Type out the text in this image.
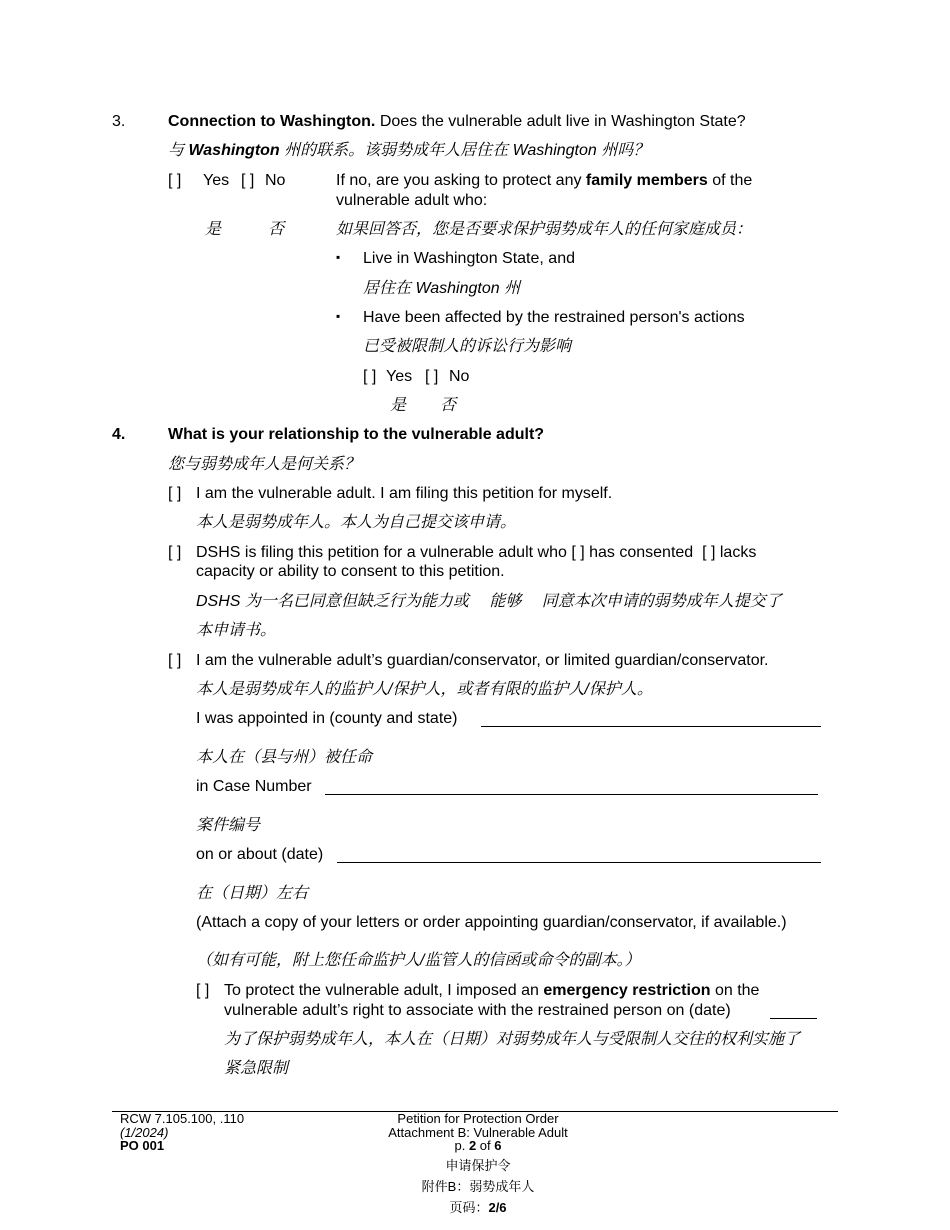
3.	Connection to Washington. Does the vulnerable adult live in Washington State?
与 Washington 州的联系。该弱势成年人居住在 Washington 州吗？
[ ] Yes [ ] No
是	否
If no, are you asking to protect any family members of the
vulnerable adult who:
如果回答否，您是否要求保护弱势成年人的任何家庭成员：
▪ Live in Washington State, and
居住在 Washington 州
▪ Have been affected by the restrained person's actions
已受被限制人的诉讼行为影响
[ ] Yes [ ] No
是 否
4.	What is your relationship to the vulnerable adult?
您与弱势成年人是何关系？
[ ] I am the vulnerable adult. I am filing this petition for myself.
本人是弱势成年人。本人为自己提交该申请。
[ ] DSHS is filing this petition for a vulnerable adult who [ ] has consented [ ] lacks
capacity or ability to consent to this petition.
DSHS 为一名已同意但缺乏行为能力或　 能够　 同意本次申请的弱势成年人提交了
本申请书。
[ ] I am the vulnerable adult’s guardian/conservator, or limited guardian/conservator.
本人是弱势成年人的监护人/保护人，或者有限的监护人/保护人。
I was appointed in (county and state)
本人在（县与州）被任命
in Case Number
案件编号
on or about (date)
在（日期）左右
(Attach a copy of your letters or order appointing guardian/conservator, if available.)
（如有可能，附上您任命监护人/监管人的信函或命令的副本。）
[ ] To protect the vulnerable adult, I imposed an emergency restriction on the
vulnerable adult’s right to associate with the restrained person on (date)
为了保护弱势成年人，本人在（日期）对弱势成年人与受限制人交往的权利实施了
紧急限制
RCW 7.105.100, .110
(1/2024)
PO 001
Petition for Protection Order
Attachment B: Vulnerable Adult
p. 2 of 6
申请保护令
附件B：弱势成年人
页码：2/6
